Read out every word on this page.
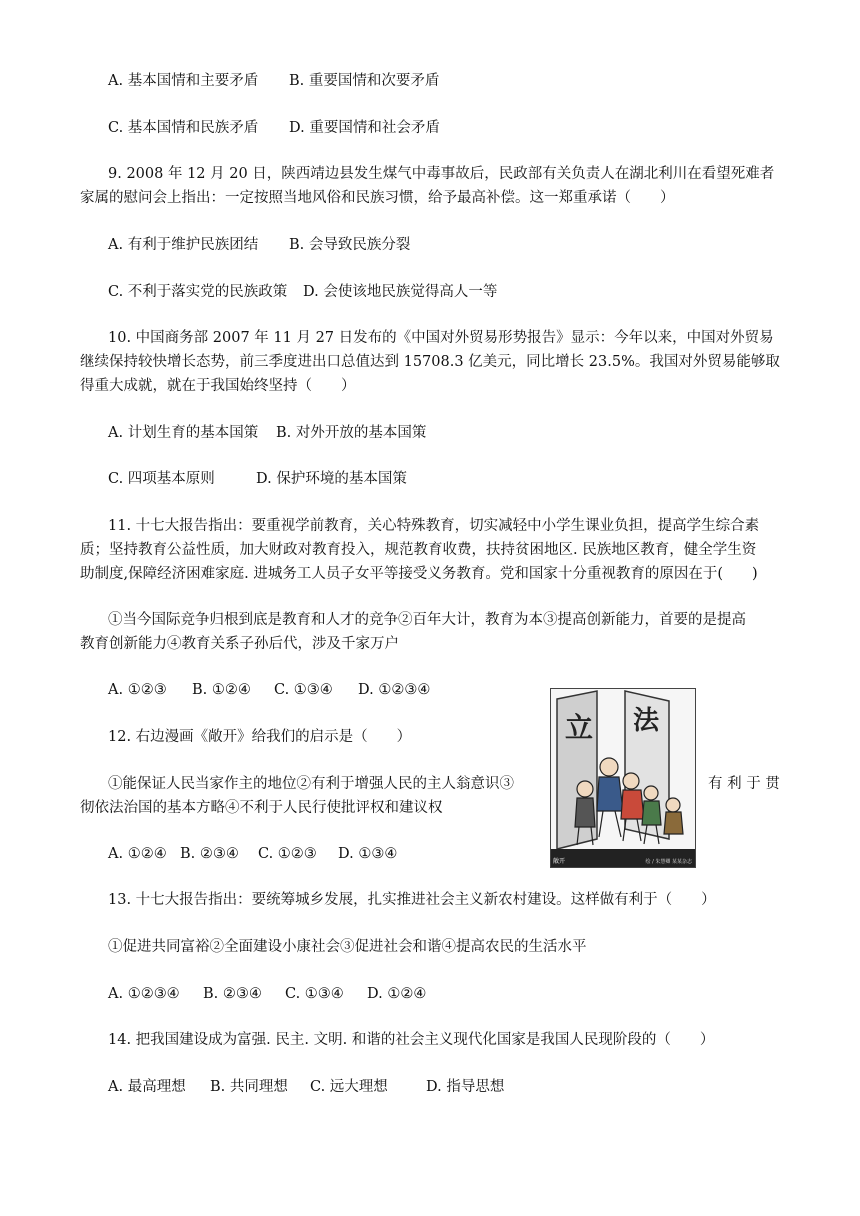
A. 基本国情和主要矛盾 B. 重要国情和次要矛盾
C. 基本国情和民族矛盾 D. 重要国情和社会矛盾
9. 2008 年 12 月 20 日，陕西靖边县发生煤气中毒事故后，民政部有关负责人在湖北利川在看望死难者
家属的慰问会上指出：一定按照当地风俗和民族习惯，给予最高补偿。这一郑重承诺（　　）
A. 有利于维护民族团结 B. 会导致民族分裂
C. 不利于落实党的民族政策 D. 会使该地民族觉得高人一等
10. 中国商务部 2007 年 11 月 27 日发布的《中国对外贸易形势报告》显示：今年以来，中国对外贸易
继续保持较快增长态势，前三季度进出口总值达到 15708.3 亿美元，同比增长 23.5%。我国对外贸易能够取
得重大成就，就在于我国始终坚持（　　）
A. 计划生育的基本国策 B. 对外开放的基本国策
C. 四项基本原则	D. 保护环境的基本国策
11. 十七大报告指出：要重视学前教育，关心特殊教育，切实减轻中小学生课业负担，提高学生综合素
质；坚持教育公益性质，加大财政对教育投入，规范教育收费，扶持贫困地区. 民族地区教育，健全学生资
助制度,保障经济困难家庭. 进城务工人员子女平等接受义务教育。党和国家十分重视教育的原因在于(　　)
①当今国际竞争归根到底是教育和人才的竞争②百年大计，教育为本③提高创新能力，首要的是提高
教育创新能力④教育关系子孙后代，涉及千家万户
A. ①②③ B. ①②④ C. ①③④ D. ①②③④
12. 右边漫画《敞开》给我们的启示是（　　）
①能保证人民当家作主的地位②有利于增强人民的主人翁意识③	有 利 于 贯
彻依法治国的基本方略④不利于人民行使批评权和建议权
A. ①②④ B. ②③④ C. ①②③ D. ①③④
立 法
敞开	绘 / 朱慧卿 某某杂志
13. 十七大报告指出：要统筹城乡发展，扎实推进社会主义新农村建设。这样做有利于（　　）
①促进共同富裕②全面建设小康社会③促进社会和谐④提高农民的生活水平
A. ①②③④ B. ②③④ C. ①③④ D. ①②④
14. 把我国建设成为富强. 民主. 文明. 和谐的社会主义现代化国家是我国人民现阶段的（　　）
A. 最高理想 B. 共同理想 C. 远大理想	D. 指导思想
